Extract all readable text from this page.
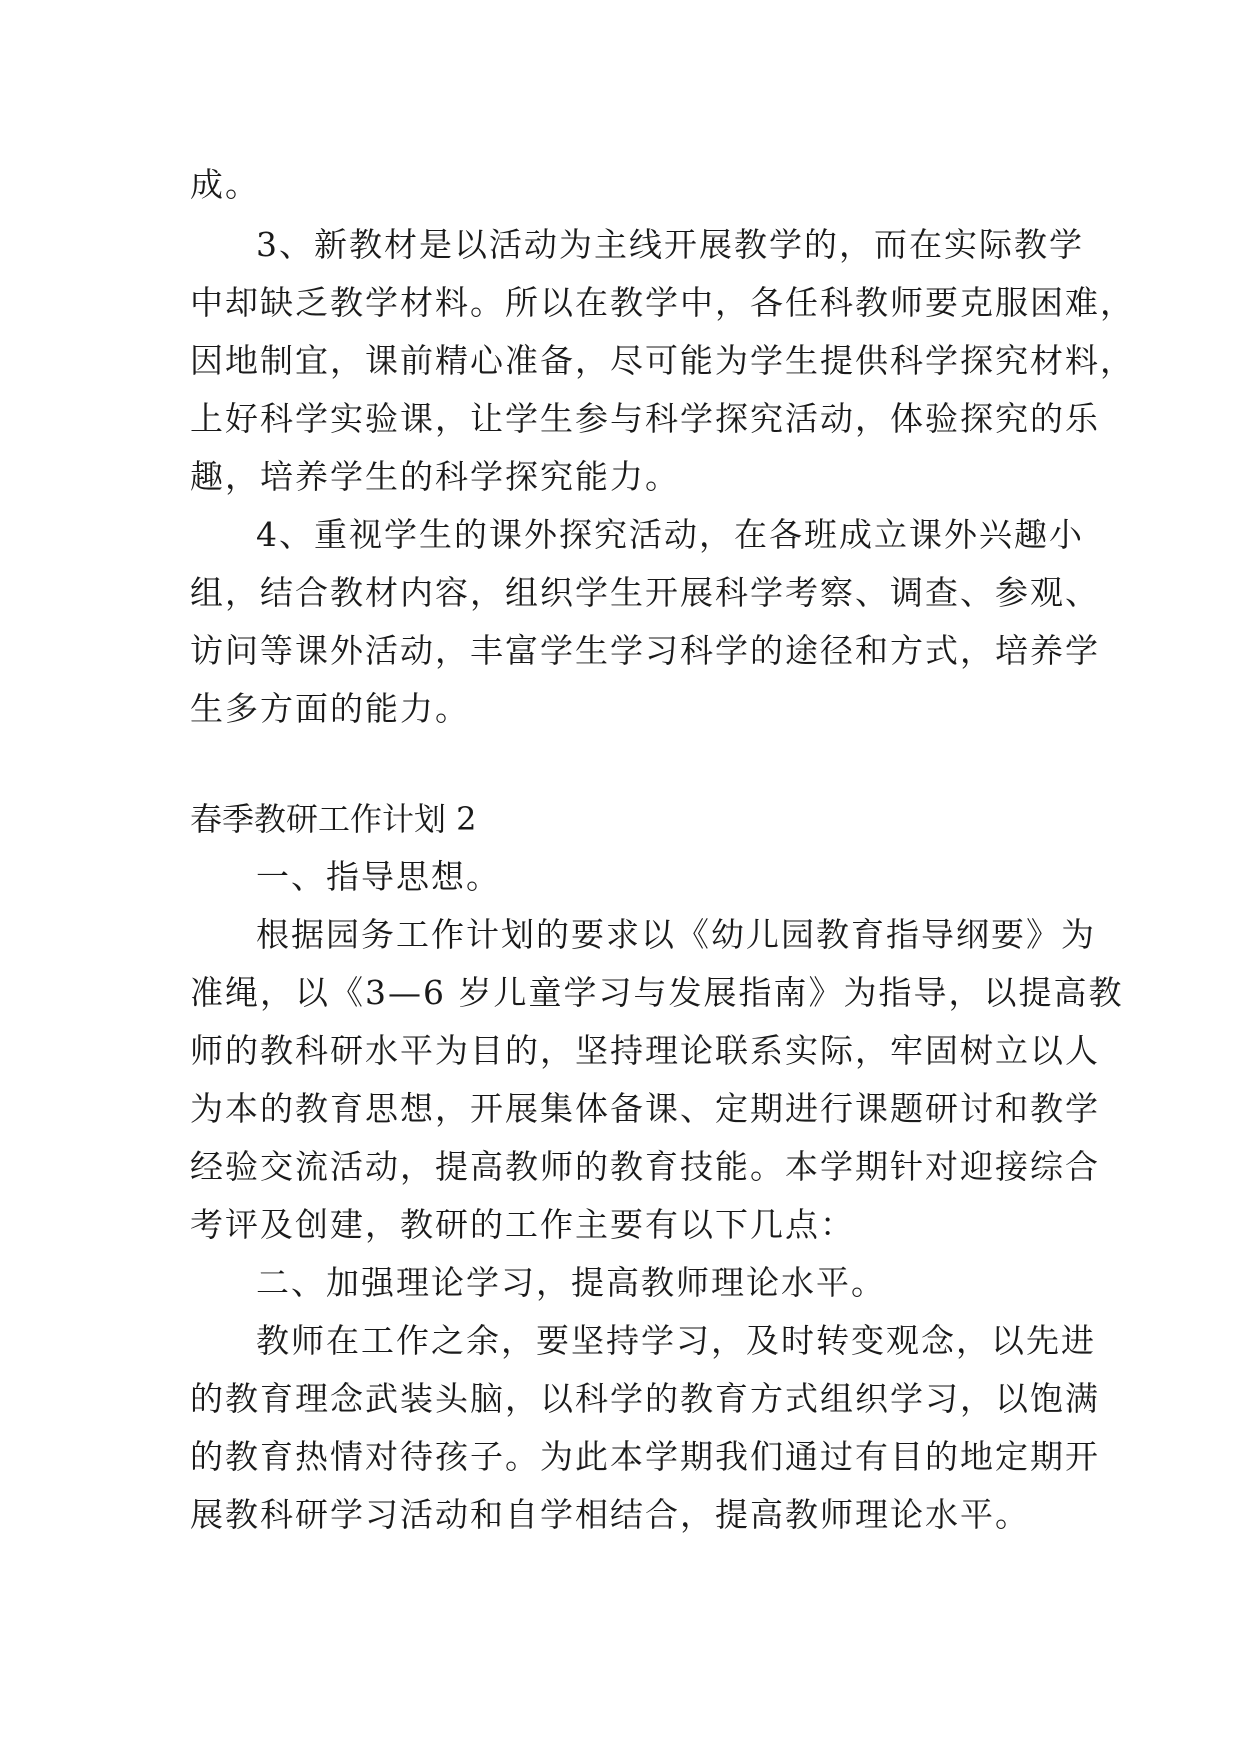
成。
3、新教材是以活动为主线开展教学的，而在实际教学
中却缺乏教学材料。所以在教学中，各任科教师要克服困难，
因地制宜，课前精心准备，尽可能为学生提供科学探究材料，
上好科学实验课，让学生参与科学探究活动，体验探究的乐
趣，培养学生的科学探究能力。
4、重视学生的课外探究活动，在各班成立课外兴趣小
组，结合教材内容，组织学生开展科学考察、调查、参观、
访问等课外活动，丰富学生学习科学的途径和方式，培养学
生多方面的能力。
春季教研工作计划 2
一、指导思想。
根据园务工作计划的要求以《幼儿园教育指导纲要》为
准绳，以《3—6 岁儿童学习与发展指南》为指导，以提高教
师的教科研水平为目的，坚持理论联系实际，牢固树立以人
为本的教育思想，开展集体备课、定期进行课题研讨和教学
经验交流活动，提高教师的教育技能。本学期针对迎接综合
考评及创建，教研的工作主要有以下几点：
二、加强理论学习，提高教师理论水平。
教师在工作之余，要坚持学习，及时转变观念，以先进
的教育理念武装头脑，以科学的教育方式组织学习，以饱满
的教育热情对待孩子。为此本学期我们通过有目的地定期开
展教科研学习活动和自学相结合，提高教师理论水平。
